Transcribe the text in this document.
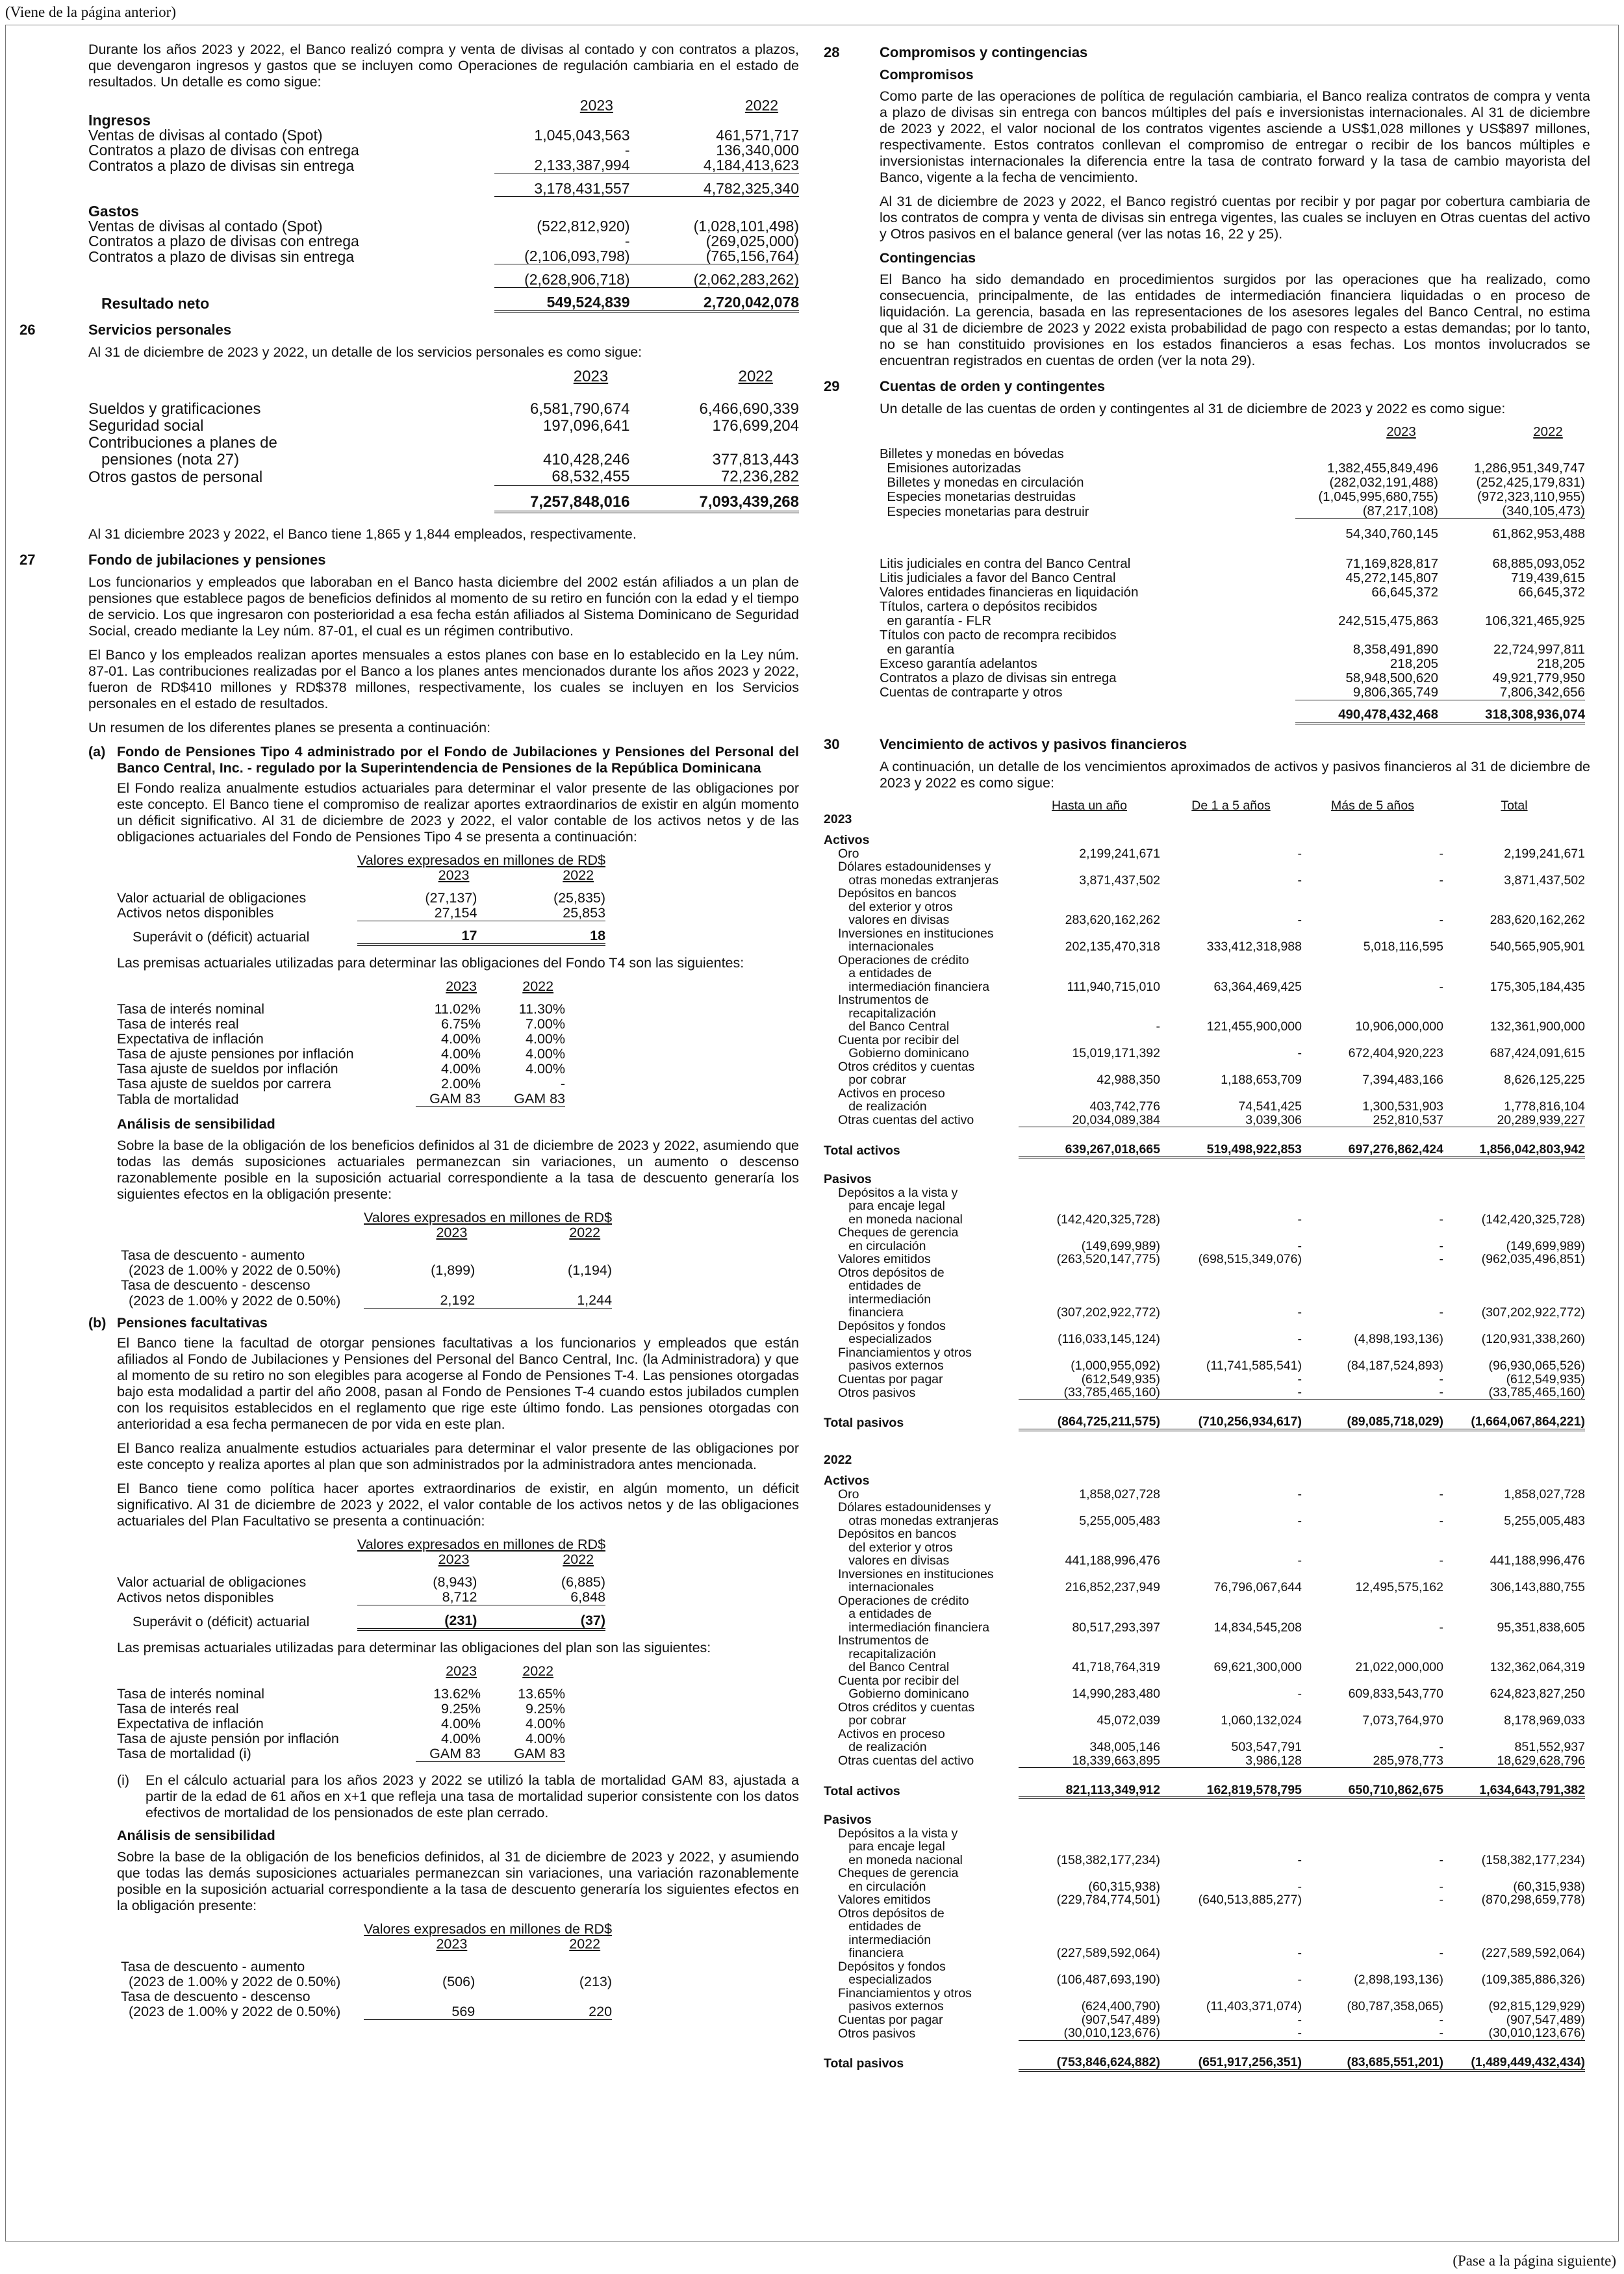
(Viene de la página anterior)

Durante los años 2023 y 2022, el Banco realizó compra y venta de divisas al contado y con contratos a plazos, que devengaron ingresos y gastos que se incluyen como Operaciones de regulación cambiaria en el estado de resultados. Un detalle es como sigue:

	2023	2022
Ingresos		
Ventas de divisas al contado (Spot)	1,045,043,563	461,571,717
Contratos a plazo de divisas con entrega	-	136,340,000
Contratos a plazo de divisas sin entrega	2,133,387,994	4,184,413,623

	3,178,431,557	4,782,325,340

Gastos		
Ventas de divisas al contado (Spot)	(522,812,920)	(1,028,101,498)
Contratos a plazo de divisas con entrega	-	(269,025,000)
Contratos a plazo de divisas sin entrega	(2,106,093,798)	(765,156,764)

	(2,628,906,718)	(2,062,283,262)

Resultado neto	549,524,839	2,720,042,078
26	Servicios personales

Al 31 de diciembre de 2023 y 2022, un detalle de los servicios personales es como sigue:

	2023	2022

Sueldos y gratificaciones	6,581,790,674	6,466,690,339
Seguridad social	197,096,641	176,699,204
Contribuciones a planes de		
pensiones (nota 27)	410,428,246	377,813,443
Otros gastos de personal	68,532,455	72,236,282

	7,257,848,016	7,093,439,268

Al 31 diciembre 2023 y 2022, el Banco tiene 1,865 y 1,844 empleados, respectivamente.

27	Fondo de jubilaciones y pensiones

Los funcionarios y empleados que laboraban en el Banco hasta diciembre del 2002 están afiliados a un plan de pensiones que establece pagos de beneficios definidos al momento de su retiro en función con la edad y el tiempo de servicio. Los que ingresaron con posterioridad a esa fecha están afiliados al Sistema Dominicano de Seguridad Social, creado mediante la Ley núm. 87-01, el cual es un régimen contributivo.

El Banco y los empleados realizan aportes mensuales a estos planes con base en lo establecido en la Ley núm. 87-01. Las contribuciones realizadas por el Banco a los planes antes mencionados durante los años 2023 y 2022, fueron de RD$410 millones y RD$378 millones, respectivamente, los cuales se incluyen en los Servicios personales en el estado de resultados.

Un resumen de los diferentes planes se presenta a continuación:

(a) Fondo de Pensiones Tipo 4 administrado por el Fondo de Jubilaciones y Pensiones del Personal del Banco Central, Inc. - regulado por la Superintendencia de Pensiones de la República Dominicana

El Fondo realiza anualmente estudios actuariales para determinar el valor presente de las obligaciones por este concepto. El Banco tiene el compromiso de realizar aportes extraordinarios de existir en algún momento un déficit significativo. Al 31 de diciembre de 2023 y 2022, el valor contable de los activos netos y de las obligaciones actuariales del Fondo de Pensiones Tipo 4 se presenta a continuación:

	Valores expresados en millones de RD$	
	2023	2022

Valor actuarial de obligaciones	(27,137)	(25,835)
Activos netos disponibles	27,154	25,853

Superávit o (déficit) actuarial	17	18

Las premisas actuariales utilizadas para determinar las obligaciones del Fondo T4 son las siguientes:

	2023	2022

Tasa de interés nominal	11.02%	11.30%
Tasa de interés real	6.75%	7.00%
Expectativa de inflación	4.00%	4.00%
Tasa de ajuste pensiones por inflación	4.00%	4.00%
Tasa ajuste de sueldos por inflación	4.00%	4.00%
Tasa ajuste de sueldos por carrera	2.00%	-
Tabla de mortalidad	GAM 83	GAM 83
Análisis de sensibilidad

Sobre la base de la obligación de los beneficios definidos al 31 de diciembre de 2023 y 2022, asumiendo que todas las demás suposiciones actuariales permanezcan sin variaciones, un aumento o descenso razonablemente posible en la suposición actuarial correspondiente a la tasa de descuento generaría los siguientes efectos en la obligación presente:

	Valores expresados en millones de RD$	
	2023	2022

Tasa de descuento - aumento		
(2023 de 1.00% y 2022 de 0.50%)	(1,899)	(1,194)
Tasa de descuento - descenso		
(2023 de 1.00% y 2022 de 0.50%)	2,192	1,244
(b) Pensiones facultativas

El Banco tiene la facultad de otorgar pensiones facultativas a los funcionarios y empleados que están afiliados al Fondo de Jubilaciones y Pensiones del Personal del Banco Central, Inc. (la Administradora) y que al momento de su retiro no son elegibles para acogerse al Fondo de Pensiones T-4. Las pensiones otorgadas bajo esta modalidad a partir del año 2008, pasan al Fondo de Pensiones T-4 cuando estos jubilados cumplen con los requisitos establecidos en el reglamento que rige este último fondo. Las pensiones otorgadas con anterioridad a esa fecha permanecen de por vida en este plan.

El Banco realiza anualmente estudios actuariales para determinar el valor presente de las obligaciones por este concepto y realiza aportes al plan que son administrados por la administradora antes mencionada.

El Banco tiene como política hacer aportes extraordinarios de existir, en algún momento, un déficit significativo. Al 31 de diciembre de 2023 y 2022, el valor contable de los activos netos y de las obligaciones actuariales del Plan Facultativo se presenta a continuación:

	Valores expresados en millones de RD$	
	2023	2022

Valor actuarial de obligaciones	(8,943)	(6,885)
Activos netos disponibles	8,712	6,848

Superávit o (déficit) actuarial	(231)	(37)

Las premisas actuariales utilizadas para determinar las obligaciones del plan son las siguientes:

	2023	2022

Tasa de interés nominal	13.62%	13.65%
Tasa de interés real	9.25%	9.25%
Expectativa de inflación	4.00%	4.00%
Tasa de ajuste pensión por inflación	4.00%	4.00%
Tasa de mortalidad (i)	GAM 83	GAM 83
(i)	En el cálculo actuarial para los años 2023 y 2022 se utilizó la tabla de mortalidad GAM 83, ajustada a partir de la edad de 61 años en x+1 que refleja una tasa de mortalidad superior consistente con los datos efectivos de mortalidad de los pensionados de este plan cerrado.
Análisis de sensibilidad

Sobre la base de la obligación de los beneficios definidos, al 31 de diciembre de 2023 y 2022, y asumiendo que todas las demás suposiciones actuariales permanezcan sin variaciones, una variación razonablemente posible en la suposición actuarial correspondiente a la tasa de descuento generaría los siguientes efectos en la obligación presente:

	Valores expresados en millones de RD$	
	2023	2022

Tasa de descuento - aumento		
(2023 de 1.00% y 2022 de 0.50%)	(506)	(213)
Tasa de descuento - descenso		
(2023 de 1.00% y 2022 de 0.50%)	569	220
28	Compromisos y contingencias
Compromisos

Como parte de las operaciones de política de regulación cambiaria, el Banco realiza contratos de compra y venta a plazo de divisas sin entrega con bancos múltiples del país e inversionistas internacionales. Al 31 de diciembre de 2023 y 2022, el valor nocional de los contratos vigentes asciende a US$1,028 millones y US$897 millones, respectivamente. Estos contratos conllevan el compromiso de entregar o recibir de los bancos múltiples e inversionistas internacionales la diferencia entre la tasa de contrato forward y la tasa de cambio mayorista del Banco, vigente a la fecha de vencimiento.

Al 31 de diciembre de 2023 y 2022, el Banco registró cuentas por recibir y por pagar por cobertura cambiaria de los contratos de compra y venta de divisas sin entrega vigentes, las cuales se incluyen en Otras cuentas del activo y Otros pasivos en el balance general (ver las notas 16, 22 y 25).

Contingencias

El Banco ha sido demandado en procedimientos surgidos por las operaciones que ha realizado, como consecuencia, principalmente, de las entidades de intermediación financiera liquidadas o en proceso de liquidación. La gerencia, basada en las representaciones de los asesores legales del Banco Central, no estima que al 31 de diciembre de 2023 y 2022 exista probabilidad de pago con respecto a estas demandas; por lo tanto, no se han constituido provisiones en los estados financieros a esas fechas. Los montos involucrados se encuentran registrados en cuentas de orden (ver la nota 29).

29	Cuentas de orden y contingentes

Un detalle de las cuentas de orden y contingentes al 31 de diciembre de 2023 y 2022 es como sigue:

	2023	2022

Billetes y monedas en bóvedas		
Emisiones autorizadas	1,382,455,849,496	1,286,951,349,747
Billetes y monedas en circulación	(282,032,191,488)	(252,425,179,831)
Especies monetarias destruidas	(1,045,995,680,755)	(972,323,110,955)
Especies monetarias para destruir	(87,217,108)	(340,105,473)

	54,340,760,145	61,862,953,488

Litis judiciales en contra del Banco Central	71,169,828,817	68,885,093,052
Litis judiciales a favor del Banco Central	45,272,145,807	719,439,615
Valores entidades financieras en liquidación	66,645,372	66,645,372
Títulos, cartera o depósitos recibidos		
en garantía - FLR	242,515,475,863	106,321,465,925
Títulos con pacto de recompra recibidos		
en garantía	8,358,491,890	22,724,997,811
Exceso garantía adelantos	218,205	218,205
Contratos a plazo de divisas sin entrega	58,948,500,620	49,921,779,950
Cuentas de contraparte y otros	9,806,365,749	7,806,342,656

	490,478,432,468	318,308,936,074
30	Vencimiento de activos y pasivos financieros

A continuación, un detalle de los vencimientos aproximados de activos y pasivos financieros al 31 de diciembre de 2023 y 2022 es como sigue:

	Hasta un año	De 1 a 5 años	Más de 5 años	Total
2023				

Activos				
Oro	2,199,241,671	-	-	2,199,241,671
Dólares estadounidenses y				
otras monedas extranjeras	3,871,437,502	-	-	3,871,437,502
Depósitos en bancos				
del exterior y otros				
valores en divisas	283,620,162,262	-	-	283,620,162,262
Inversiones en instituciones				
internacionales	202,135,470,318	333,412,318,988	5,018,116,595	540,565,905,901
Operaciones de crédito				
a entidades de				
intermediación financiera	111,940,715,010	63,364,469,425	-	175,305,184,435
Instrumentos de				
recapitalización				
del Banco Central	-	121,455,900,000	10,906,000,000	132,361,900,000
Cuenta por recibir del				
Gobierno dominicano	15,019,171,392	-	672,404,920,223	687,424,091,615
Otros créditos y cuentas				
por cobrar	42,988,350	1,188,653,709	7,394,483,166	8,626,125,225
Activos en proceso				
de realización	403,742,776	74,541,425	1,300,531,903	1,778,816,104
Otras cuentas del activo	20,034,089,384	3,039,306	252,810,537	20,289,939,227

Total activos	639,267,018,665	519,498,922,853	697,276,862,424	1,856,042,803,942

Pasivos				
Depósitos a la vista y				
para encaje legal				
en moneda nacional	(142,420,325,728)	-	-	(142,420,325,728)
Cheques de gerencia				
en circulación	(149,699,989)	-	-	(149,699,989)
Valores emitidos	(263,520,147,775)	(698,515,349,076)	-	(962,035,496,851)
Otros depósitos de				
entidades de				
intermediación				
financiera	(307,202,922,772)	-	-	(307,202,922,772)
Depósitos y fondos				
especializados	(116,033,145,124)	-	(4,898,193,136)	(120,931,338,260)
Financiamientos y otros				
pasivos externos	(1,000,955,092)	(11,741,585,541)	(84,187,524,893)	(96,930,065,526)
Cuentas por pagar	(612,549,935)	-	-	(612,549,935)
Otros pasivos	(33,785,465,160)	-	-	(33,785,465,160)

Total pasivos	(864,725,211,575)	(710,256,934,617)	(89,085,718,029)	(1,664,067,864,221)

2022				

Activos				
Oro	1,858,027,728	-	-	1,858,027,728
Dólares estadounidenses y				
otras monedas extranjeras	5,255,005,483	-	-	5,255,005,483
Depósitos en bancos				
del exterior y otros				
valores en divisas	441,188,996,476	-	-	441,188,996,476
Inversiones en instituciones				
internacionales	216,852,237,949	76,796,067,644	12,495,575,162	306,143,880,755
Operaciones de crédito				
a entidades de				
intermediación financiera	80,517,293,397	14,834,545,208	-	95,351,838,605
Instrumentos de				
recapitalización				
del Banco Central	41,718,764,319	69,621,300,000	21,022,000,000	132,362,064,319
Cuenta por recibir del				
Gobierno dominicano	14,990,283,480	-	609,833,543,770	624,823,827,250
Otros créditos y cuentas				
por cobrar	45,072,039	1,060,132,024	7,073,764,970	8,178,969,033
Activos en proceso				
de realización	348,005,146	503,547,791	-	851,552,937
Otras cuentas del activo	18,339,663,895	3,986,128	285,978,773	18,629,628,796

Total activos	821,113,349,912	162,819,578,795	650,710,862,675	1,634,643,791,382

Pasivos				
Depósitos a la vista y				
para encaje legal				
en moneda nacional	(158,382,177,234)	-	-	(158,382,177,234)
Cheques de gerencia				
en circulación	(60,315,938)	-	-	(60,315,938)
Valores emitidos	(229,784,774,501)	(640,513,885,277)	-	(870,298,659,778)
Otros depósitos de				
entidades de				
intermediación				
financiera	(227,589,592,064)	-	-	(227,589,592,064)
Depósitos y fondos				
especializados	(106,487,693,190)	-	(2,898,193,136)	(109,385,886,326)
Financiamientos y otros				
pasivos externos	(624,400,790)	(11,403,371,074)	(80,787,358,065)	(92,815,129,929)
Cuentas por pagar	(907,547,489)	-	-	(907,547,489)
Otros pasivos	(30,010,123,676)	-	-	(30,010,123,676)

Total pasivos	(753,846,624,882)	(651,917,256,351)	(83,685,551,201)	(1,489,449,432,434)

(Pase a la página siguiente)
